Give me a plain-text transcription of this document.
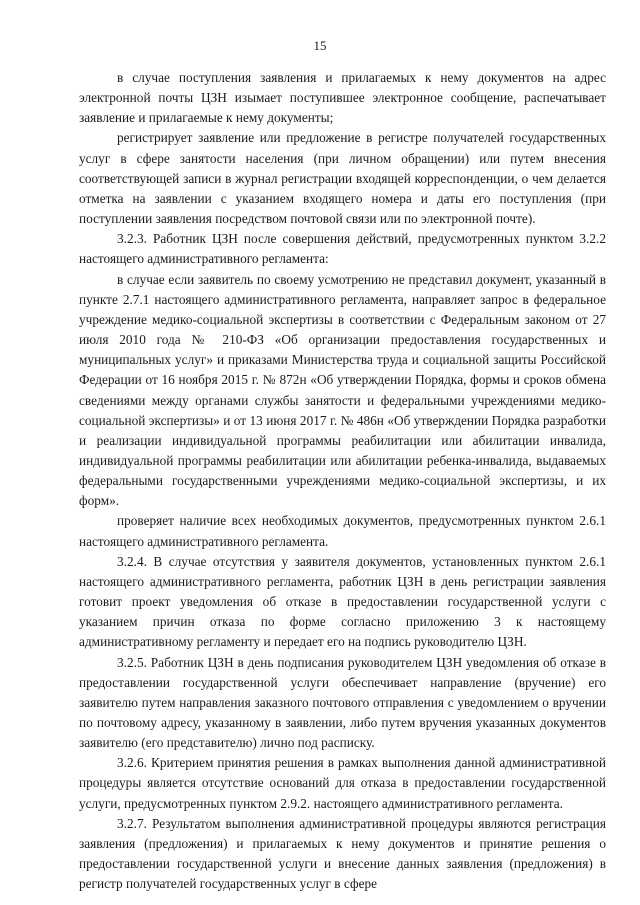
15

в случае поступления заявления и прилагаемых к нему документов на адрес электронной почты ЦЗН изымает поступившее электронное сообщение, распечатывает заявление и прилагаемые к нему документы;

регистрирует заявление или предложение в регистре получателей государственных услуг в сфере занятости населения (при личном обращении) или путем внесения соответствующей записи в журнал регистрации входящей корреспонденции, о чем делается отметка на заявлении с указанием входящего номера и даты его поступления (при поступлении заявления посредством почтовой связи или по электронной почте).

3.2.3. Работник ЦЗН после совершения действий, предусмотренных пунктом 3.2.2 настоящего административного регламента:

в случае если заявитель по своему усмотрению не представил документ, указанный в пункте 2.7.1 настоящего административного регламента, направляет запрос в федеральное учреждение медико-социальной экспертизы в соответствии с Федеральным законом от 27 июля 2010 года № 210-ФЗ «Об организации предоставления государственных и муниципальных услуг» и приказами Министерства труда и социальной защиты Российской Федерации от 16 ноября 2015 г. № 872н «Об утверждении Порядка, формы и сроков обмена сведениями между органами службы занятости и федеральными учреждениями медико-социальной экспертизы» и от 13 июня 2017 г. № 486н «Об утверждении Порядка разработки и реализации индивидуальной программы реабилитации или абилитации инвалида, индивидуальной программы реабилитации или абилитации ребенка-инвалида, выдаваемых федеральными государственными учреждениями медико-социальной экспертизы, и их форм».

проверяет наличие всех необходимых документов, предусмотренных пунктом 2.6.1 настоящего административного регламента.

3.2.4. В случае отсутствия у заявителя документов, установленных пунктом 2.6.1 настоящего административного регламента, работник ЦЗН в день регистрации заявления готовит проект уведомления об отказе в предоставлении государственной услуги с указанием причин отказа по форме согласно приложению 3 к настоящему административному регламенту и передает его на подпись руководителю ЦЗН.

3.2.5. Работник ЦЗН в день подписания руководителем ЦЗН уведомления об отказе в предоставлении государственной услуги обеспечивает направление (вручение) его заявителю путем направления заказного почтового отправления с уведомлением о вручении по почтовому адресу, указанному в заявлении, либо путем вручения указанных документов заявителю (его представителю) лично под расписку.

3.2.6. Критерием принятия решения в рамках выполнения данной административной процедуры является отсутствие оснований для отказа в предоставлении государственной услуги, предусмотренных пунктом 2.9.2. настоящего административного регламента.

3.2.7. Результатом выполнения административной процедуры являются регистрация заявления (предложения) и прилагаемых к нему документов и принятие решения о предоставлении государственной услуги и внесение данных заявления (предложения) в регистр получателей государственных услуг в сфере
